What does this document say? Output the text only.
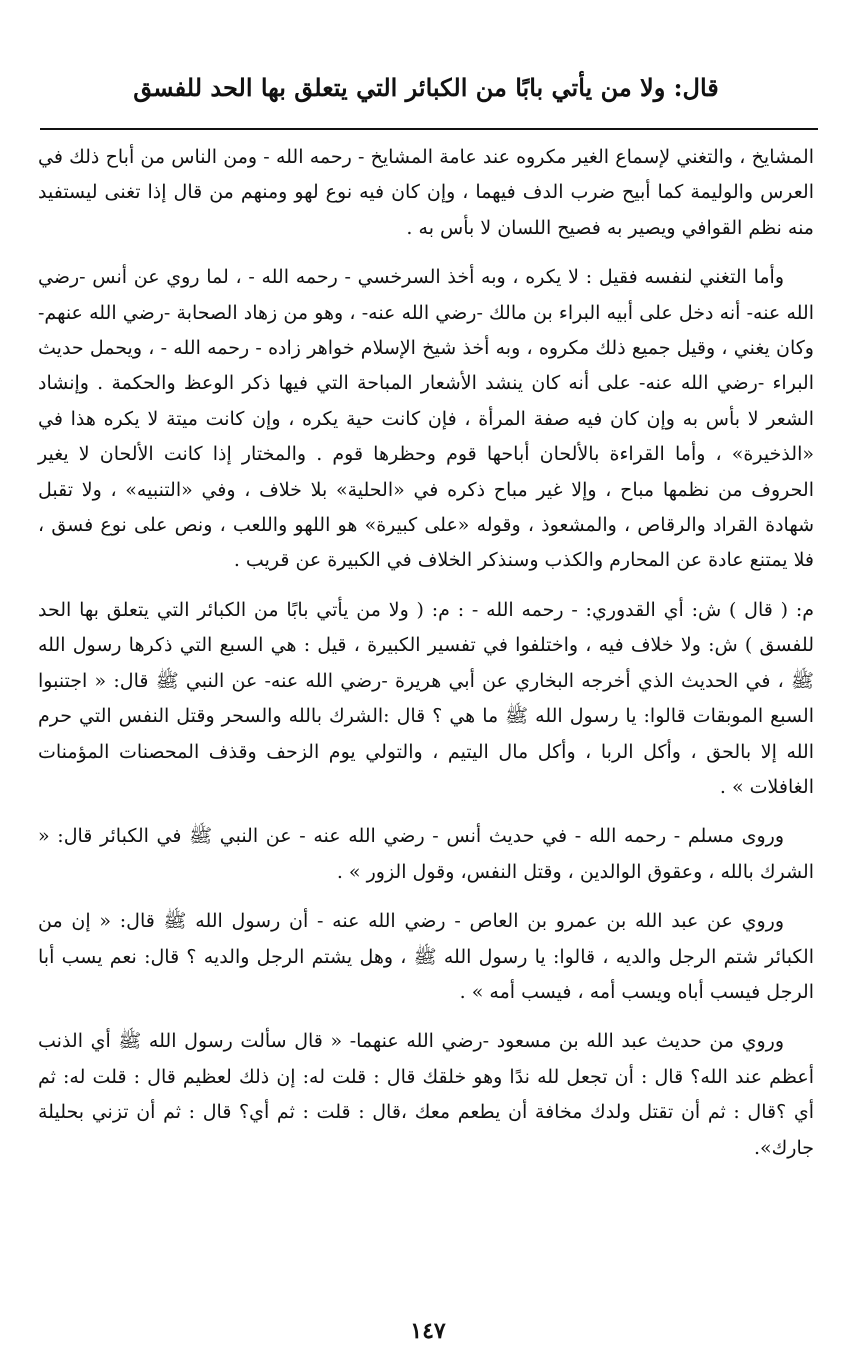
قال: ولا من يأتي بابًا من الكبائر التي يتعلق بها الحد للفسق

المشايخ ، والتغني لإسماع الغير مكروه عند عامة المشايخ - رحمه الله - ومن الناس من أباح ذلك في العرس والوليمة كما أبيح ضرب الدف فيهما ، وإن كان فيه نوع لهو ومنهم من قال إذا تغنى ليستفيد منه نظم القوافي ويصير به فصيح اللسان لا بأس به .

وأما التغني لنفسه فقيل : لا يكره ، وبه أخذ السرخسي - رحمه الله - ، لما روي عن أنس -رضي الله عنه- أنه دخل على أبيه البراء بن مالك -رضي الله عنه- ، وهو من زهاد الصحابة -رضي الله عنهم- وكان يغني ، وقيل جميع ذلك مكروه ، وبه أخذ شيخ الإسلام خواهر زاده - رحمه الله - ، ويحمل حديث البراء -رضي الله عنه- على أنه كان ينشد الأشعار المباحة التي فيها ذكر الوعظ والحكمة . وإنشاد الشعر لا بأس به وإن كان فيه صفة المرأة ، فإن كانت حية يكره ، وإن كانت ميتة لا يكره هذا في «الذخيرة» ، وأما القراءة بالألحان أباحها قوم وحظرها قوم . والمختار إذا كانت الألحان لا يغير الحروف من نظمها مباح ، وإلا غير مباح ذكره في «الحلية» بلا خلاف ، وفي «التنبيه» ، ولا تقبل شهادة القراد والرقاص ، والمشعوذ ، وقوله «على كبيرة» هو اللهو واللعب ، ونص على نوع فسق ، فلا يمتنع عادة عن المحارم والكذب وسنذكر الخلاف في الكبيرة عن قريب .

م: ( قال ) ش: أي القدوري: - رحمه الله - : م: ( ولا من يأتي بابًا من الكبائر التي يتعلق بها الحد للفسق ) ش: ولا خلاف فيه ، واختلفوا في تفسير الكبيرة ، قيل : هي السبع التي ذكرها رسول الله ﷺ ، في الحديث الذي أخرجه البخاري عن أبي هريرة -رضي الله عنه- عن النبي ﷺ قال: « اجتنبوا السبع الموبقات قالوا: يا رسول الله ﷺ ما هي ؟ قال :الشرك بالله والسحر وقتل النفس التي حرم الله إلا بالحق ، وأكل الربا ، وأكل مال اليتيم ، والتولي يوم الزحف وقذف المحصنات المؤمنات الغافلات » .

وروى مسلم - رحمه الله - في حديث أنس - رضي الله عنه - عن النبي ﷺ في الكبائر قال: « الشرك بالله ، وعقوق الوالدين ، وقتل النفس، وقول الزور » .

وروي عن عبد الله بن عمرو بن العاص - رضي الله عنه - أن رسول الله ﷺ قال: « إن من الكبائر شتم الرجل والديه ، قالوا: يا رسول الله ﷺ ، وهل يشتم الرجل والديه ؟ قال: نعم يسب أبا الرجل فيسب أباه ويسب أمه ، فيسب أمه » .

وروي من حديث عبد الله بن مسعود -رضي الله عنهما- « قال سألت رسول الله ﷺ أي الذنب أعظم عند الله؟ قال : أن تجعل لله ندًا وهو خلقك قال : قلت له: إن ذلك لعظيم قال : قلت له: ثم أي ؟قال : ثم أن تقتل ولدك مخافة أن يطعم معك ،قال : قلت : ثم أي؟ قال : ثم أن تزني بحليلة جارك».

١٤٧
